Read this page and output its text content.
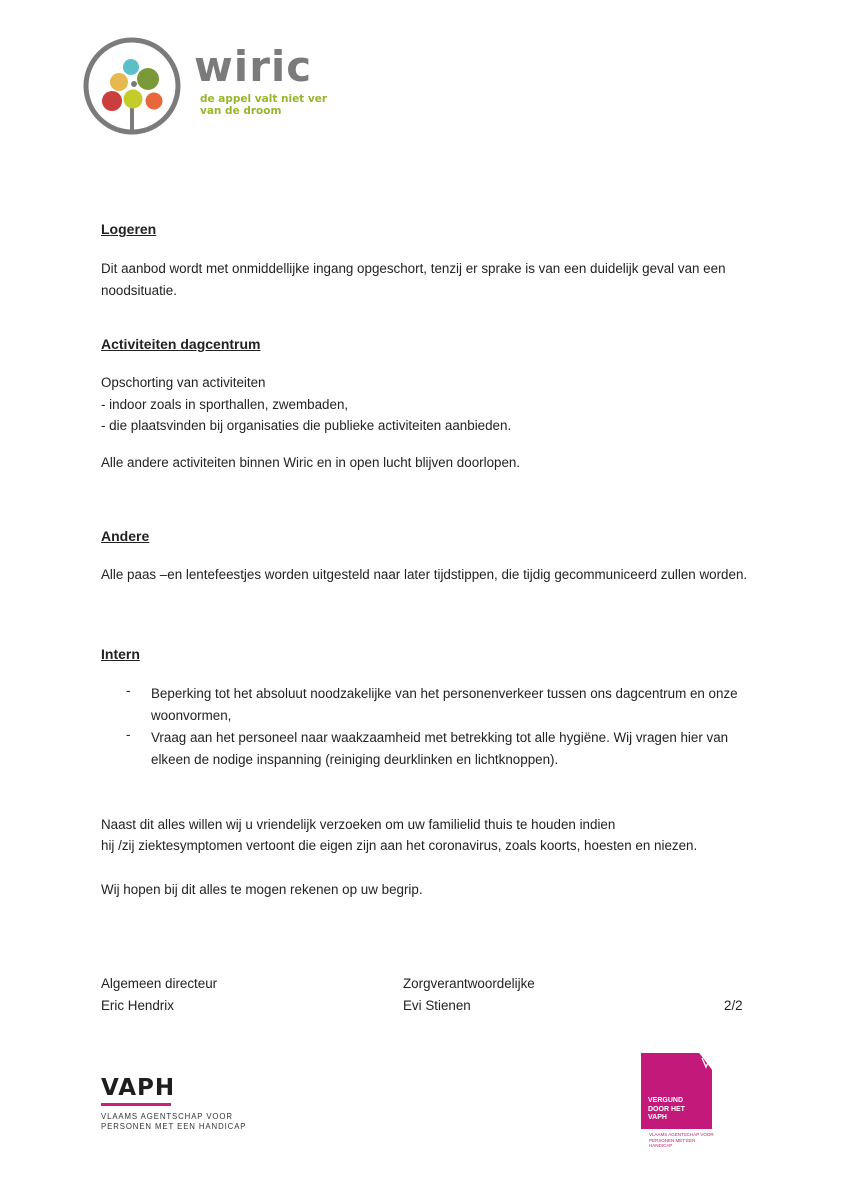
wiric
de appel valt niet ver
van de droom
Logeren
Dit aanbod wordt met onmiddellijke ingang opgeschort, tenzij er sprake is van een duidelijk geval van een noodsituatie.
Activiteiten dagcentrum
Opschorting van activiteiten
- indoor zoals in sporthallen, zwembaden,
- die plaatsvinden bij organisaties die publieke activiteiten aanbieden.
Alle andere activiteiten binnen Wiric en in open lucht blijven doorlopen.
Andere
Alle paas –en lentefeestjes worden uitgesteld naar later tijdstippen, die tijdig gecommuniceerd zullen worden.
Intern
- Beperking tot het absoluut noodzakelijke van het personenverkeer tussen ons dagcentrum en onze woonvormen,
- Vraag aan het personeel naar waakzaamheid met betrekking tot alle hygiëne. Wij vragen hier van elkeen de nodige inspanning (reiniging deurklinken en lichtknoppen).
Naast dit alles willen wij u vriendelijk verzoeken om uw familielid thuis te houden indien
hij /zij ziektesymptomen vertoont die eigen zijn aan het coronavirus, zoals koorts, hoesten en niezen.
Wij hopen bij dit alles te mogen rekenen op uw begrip.
Algemeen directeur
Eric Hendrix
Zorgverantwoordelijke
Evi Stienen	2/2
VAPH
VLAAMS AGENTSCHAP VOOR
PERSONEN MET EEN HANDICAP
VERGUND
DOOR HET
VAPH
VLAAMS AGENTSCHAP VOOR PERSONEN MET EEN HANDICAP
